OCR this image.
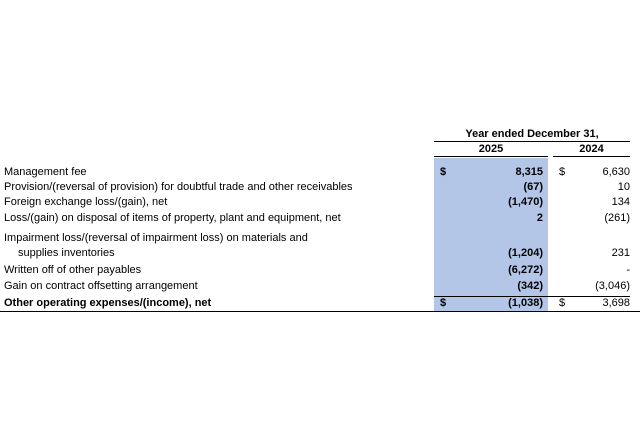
Year ended December 31,
2025	2024
Management fee	$	8,315 $	6,630
Provision/(reversal of provision) for doubtful trade and other receivables	(67)	10
Foreign exchange loss/(gain), net	(1,470)	134
Loss/(gain) on disposal of items of property, plant and equipment, net	2	(261)
Impairment loss/(reversal of impairment loss) on materials and
supplies inventories	(1,204)	231
Written off of other payables	(6,272)	-
Gain on contract offsetting arrangement	(342)	(3,046)
Other operating expenses/(income), net	$	(1,038) $	3,698
